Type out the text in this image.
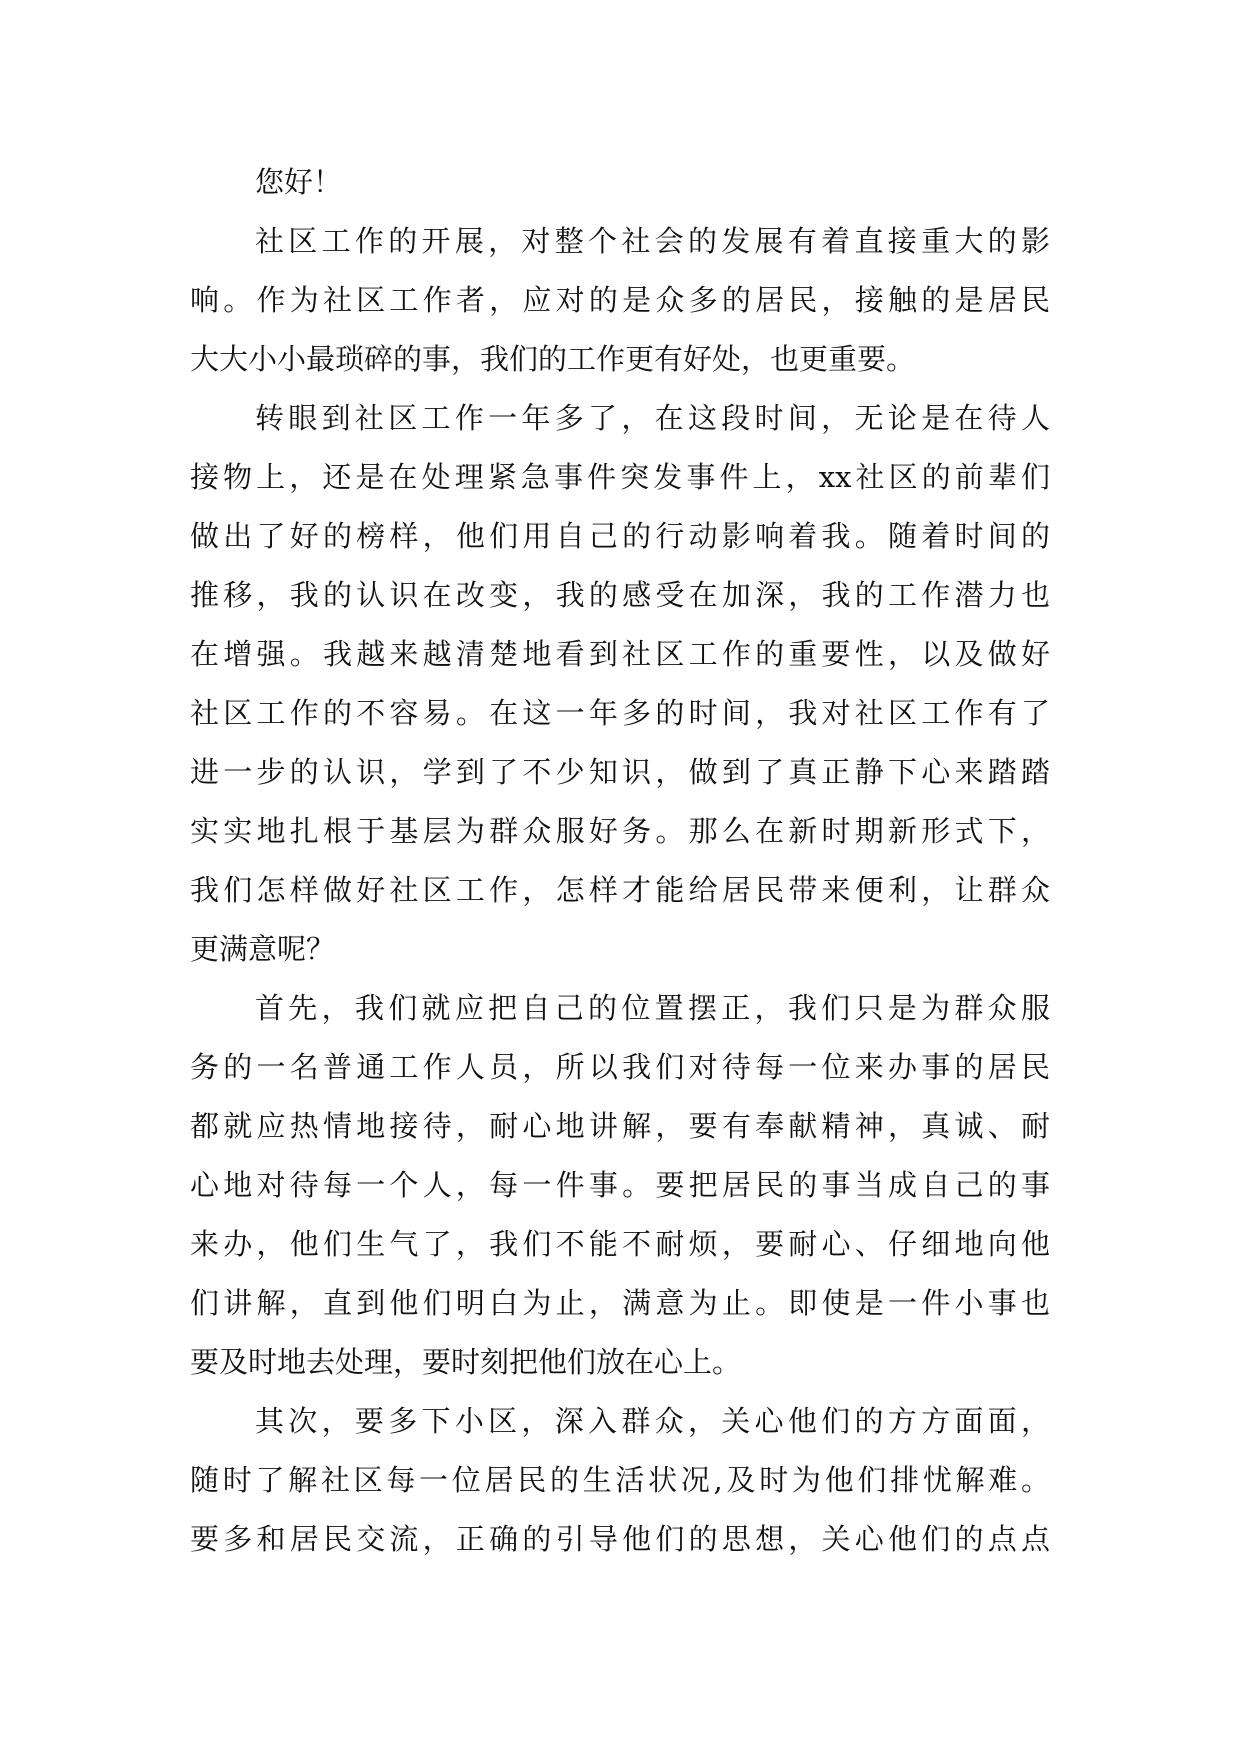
您好！
社区工作的开展，对整个社会的发展有着直接重大的影
响。作为社区工作者，应对的是众多的居民，接触的是居民
大大小小最琐碎的事，我们的工作更有好处，也更重要。
转眼到社区工作一年多了，在这段时间，无论是在待人
接物上，还是在处理紧急事件突发事件上，xx社区的前辈们
做出了好的榜样，他们用自己的行动影响着我。随着时间的
推移，我的认识在改变，我的感受在加深，我的工作潜力也
在增强。我越来越清楚地看到社区工作的重要性，以及做好
社区工作的不容易。在这一年多的时间，我对社区工作有了
进一步的认识，学到了不少知识，做到了真正静下心来踏踏
实实地扎根于基层为群众服好务。那么在新时期新形式下，
我们怎样做好社区工作，怎样才能给居民带来便利，让群众
更满意呢？
首先，我们就应把自己的位置摆正，我们只是为群众服
务的一名普通工作人员，所以我们对待每一位来办事的居民
都就应热情地接待，耐心地讲解，要有奉献精神，真诚、耐
心地对待每一个人，每一件事。要把居民的事当成自己的事
来办，他们生气了，我们不能不耐烦，要耐心、仔细地向他
们讲解，直到他们明白为止，满意为止。即使是一件小事也
要及时地去处理，要时刻把他们放在心上。
其次，要多下小区，深入群众，关心他们的方方面面，
随时了解社区每一位居民的生活状况,及时为他们排忧解难。
要多和居民交流，正确的引导他们的思想，关心他们的点点
